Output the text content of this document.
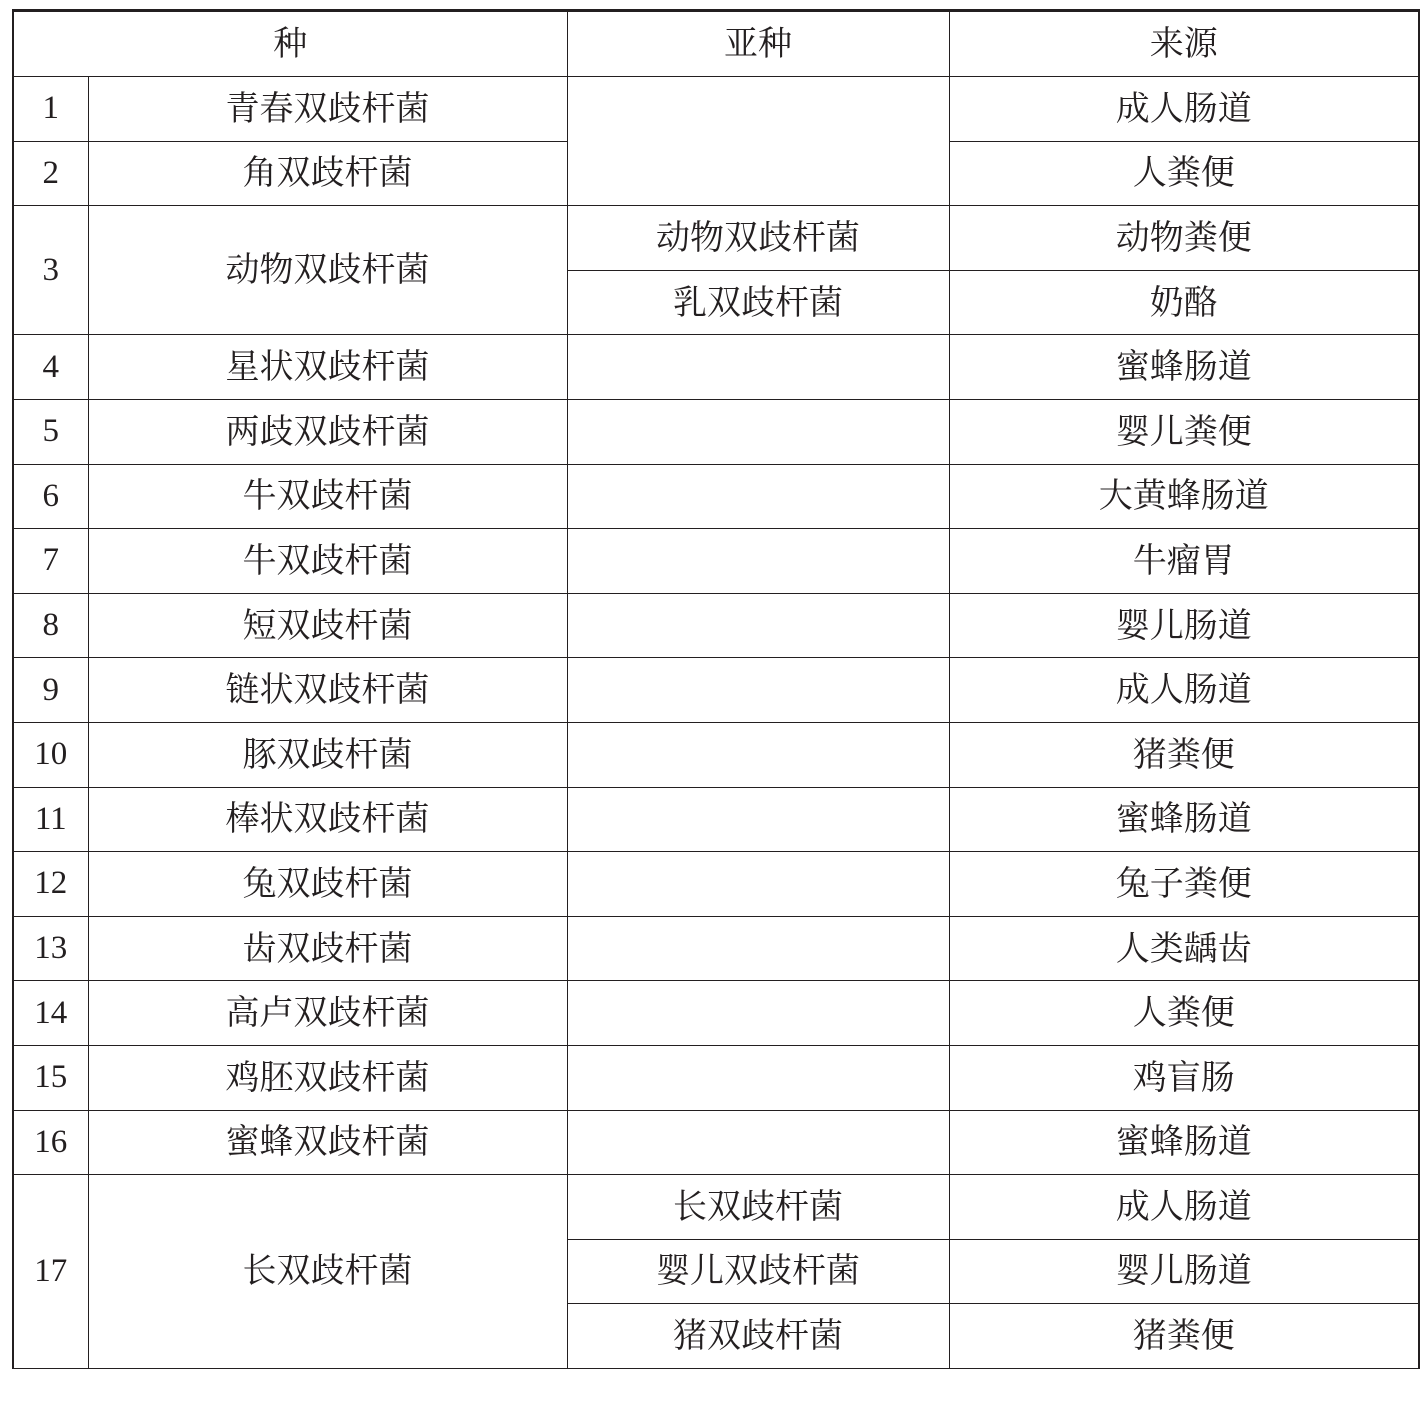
种		亚种	来源
1	青春双歧杆菌		成人肠道
2	角双歧杆菌		人粪便
3	动物双歧杆菌	动物双歧杆菌	动物粪便
		乳双歧杆菌	奶酪
4	星状双歧杆菌		蜜蜂肠道
5	两歧双歧杆菌		婴儿粪便
6	牛双歧杆菌		大黄蜂肠道
7	牛双歧杆菌		牛瘤胃
8	短双歧杆菌		婴儿肠道
9	链状双歧杆菌		成人肠道
10	豚双歧杆菌		猪粪便
11	棒状双歧杆菌		蜜蜂肠道
12	兔双歧杆菌		兔子粪便
13	齿双歧杆菌		人类龋齿
14	高卢双歧杆菌		人粪便
15	鸡胚双歧杆菌		鸡盲肠
16	蜜蜂双歧杆菌		蜜蜂肠道
17	长双歧杆菌	长双歧杆菌	成人肠道
		婴儿双歧杆菌	婴儿肠道
		猪双歧杆菌	猪粪便
